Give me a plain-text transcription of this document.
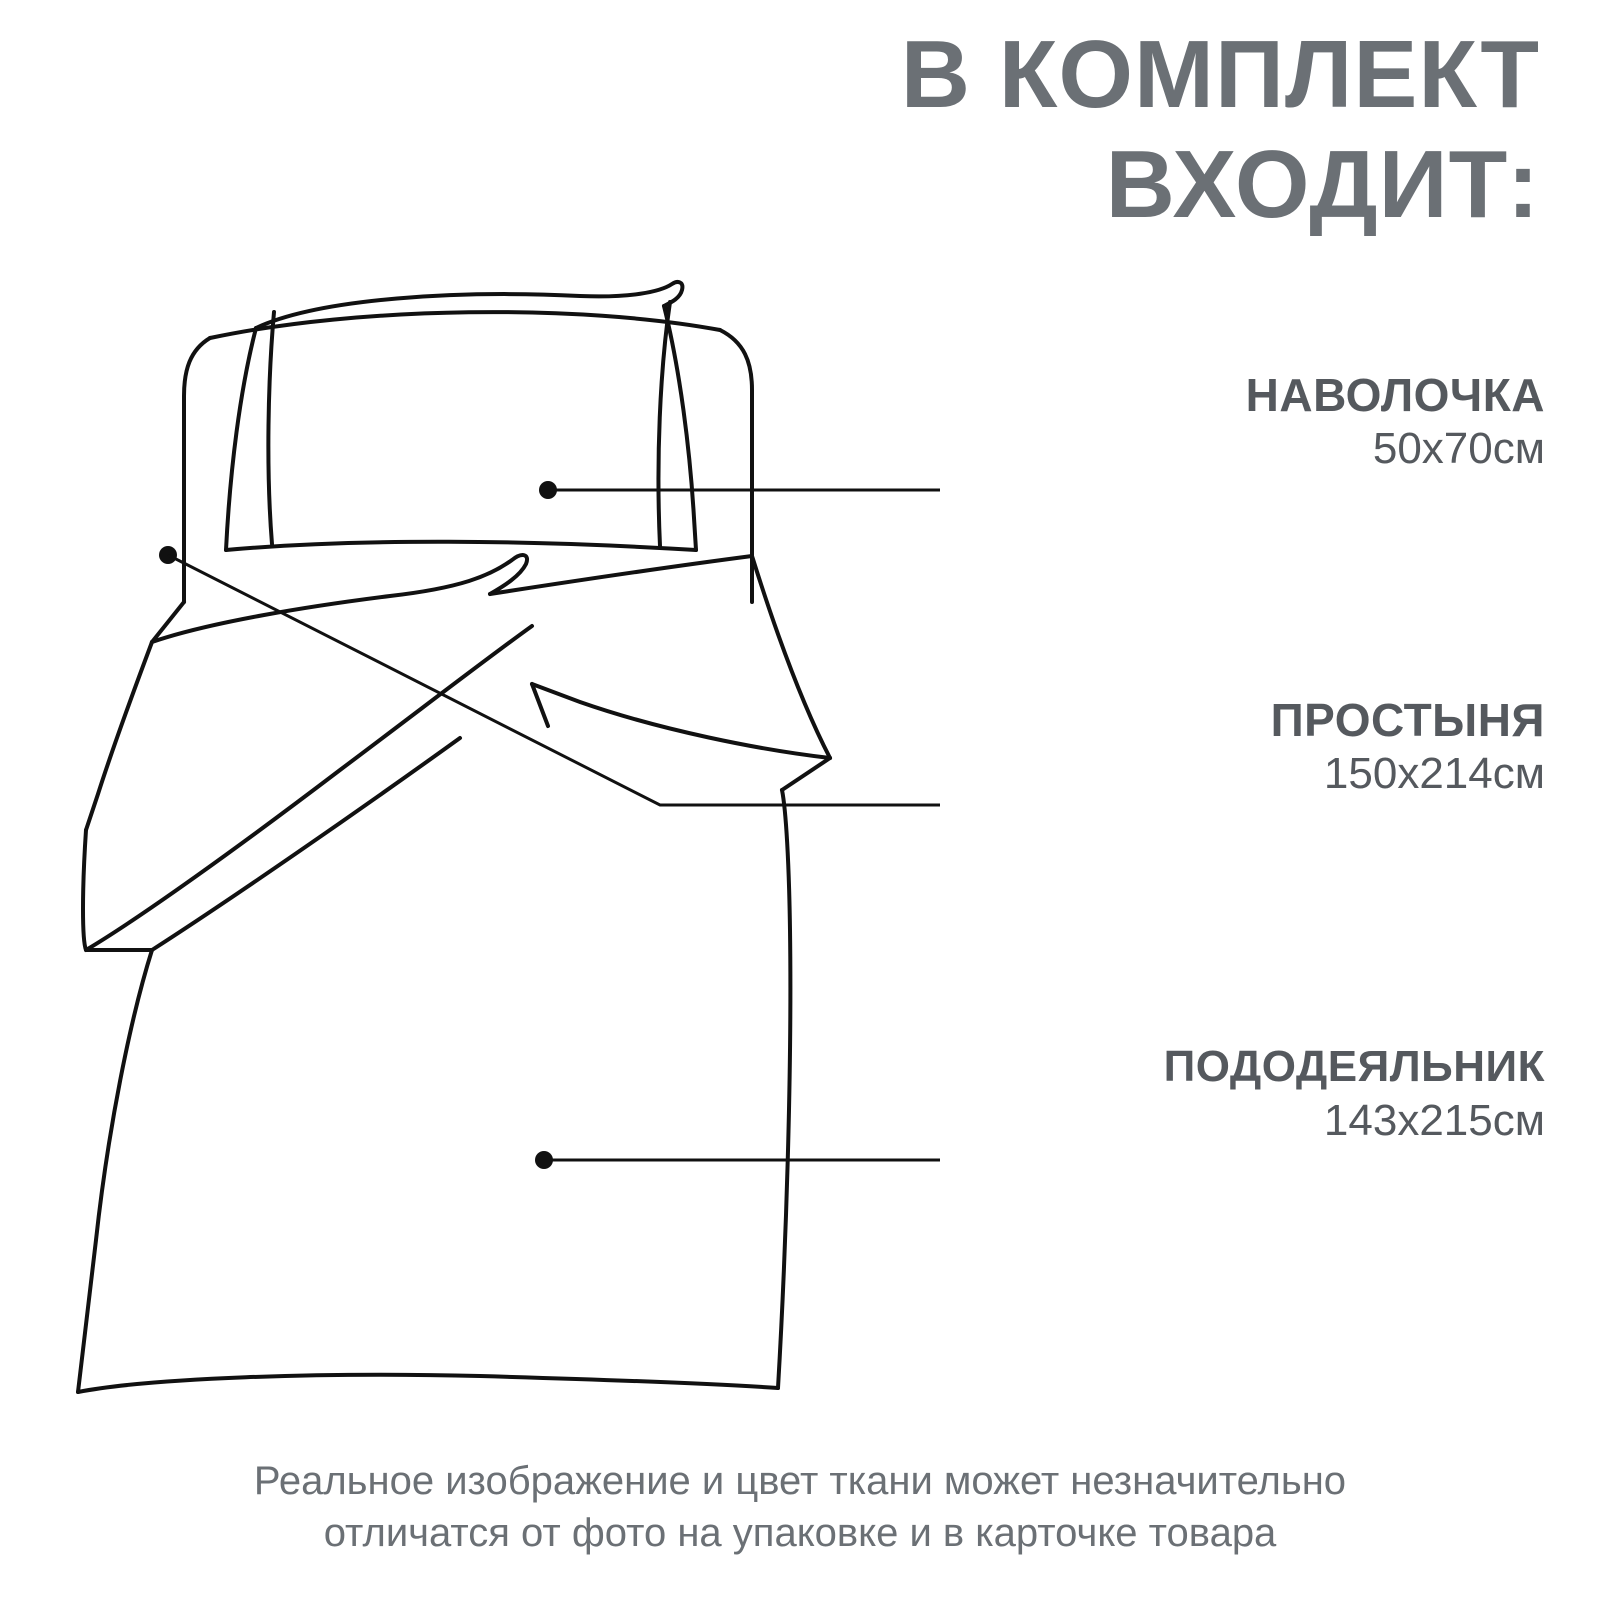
В КОМПЛЕКТ
ВХОДИТ:
НАВОЛОЧКА
50x70см
ПРОСТЫНЯ
150x214см
ПОДОДЕЯЛЬНИК
143x215см
Реальное изображение и цвет ткани может незначительно
отличатся от фото на упаковке и в карточке товара
